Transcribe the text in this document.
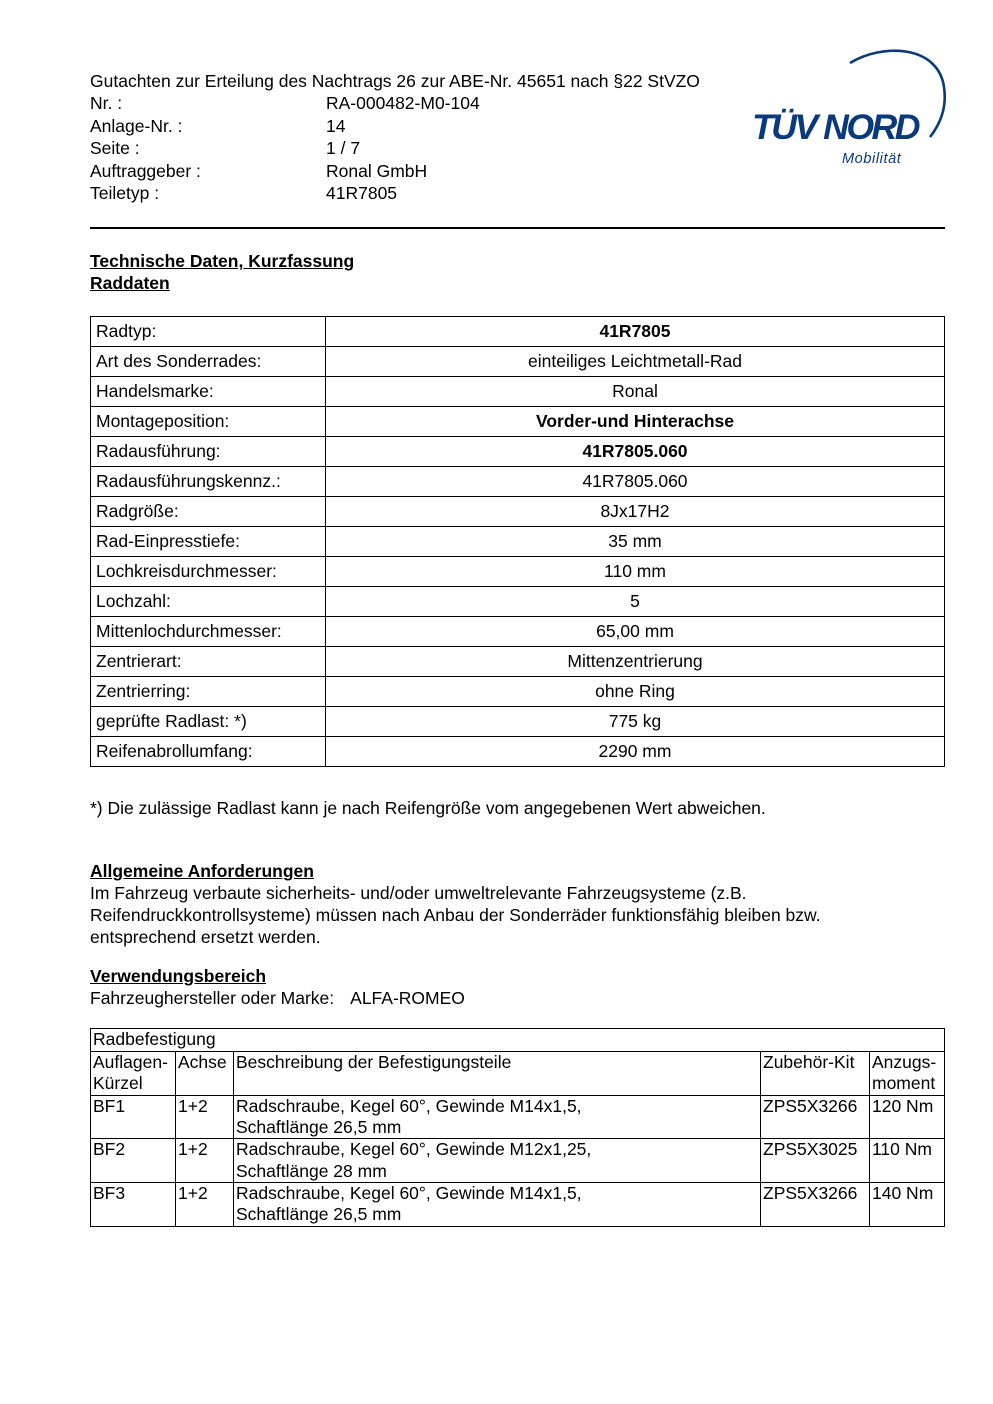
Gutachten zur Erteilung des Nachtrags 26 zur ABE-Nr. 45651 nach §22 StVZO
Nr. :	RA-000482-M0-104
Anlage-Nr. :	14
Seite :	1 / 7
Auftraggeber :	Ronal GmbH
Teiletyp :	41R7805
TÜV NORD
Mobilität
Technische Daten, Kurzfassung
Raddaten
Radtyp:	41R7805
Art des Sonderrades:	einteiliges Leichtmetall-Rad
Handelsmarke:	Ronal
Montageposition:	Vorder-und Hinterachse
Radausführung:	41R7805.060
Radausführungskennz.:	41R7805.060
Radgröße:	8Jx17H2
Rad-Einpresstiefe:	35 mm
Lochkreisdurchmesser:	110 mm
Lochzahl:	5
Mittenlochdurchmesser:	65,00 mm
Zentrierart:	Mittenzentrierung
Zentrierring:	ohne Ring
geprüfte Radlast: *)	775 kg
Reifenabrollumfang:	2290 mm
*) Die zulässige Radlast kann je nach Reifengröße vom angegebenen Wert abweichen.
Allgemeine Anforderungen

Im Fahrzeug verbaute sicherheits- und/oder umweltrelevante Fahrzeugsysteme (z.B.

Reifendruckkontrollsysteme) müssen nach Anbau der Sonderräder funktionsfähig bleiben bzw.

entsprechend ersetzt werden.

Verwendungsbereich
Fahrzeughersteller oder Marke: ALFA-ROMEO
Radbefestigung				
Auflagen-
Kürzel	Achse	Beschreibung der Befestigungsteile	Zubehör-Kit	Anzugs-
moment
BF1	1+2	Radschraube, Kegel 60°, Gewinde M14x1,5,
Schaftlänge 26,5 mm	ZPS5X3266	120 Nm
BF2	1+2	Radschraube, Kegel 60°, Gewinde M12x1,25,
Schaftlänge 28 mm	ZPS5X3025	110 Nm
BF3	1+2	Radschraube, Kegel 60°, Gewinde M14x1,5,
Schaftlänge 26,5 mm	ZPS5X3266	140 Nm
